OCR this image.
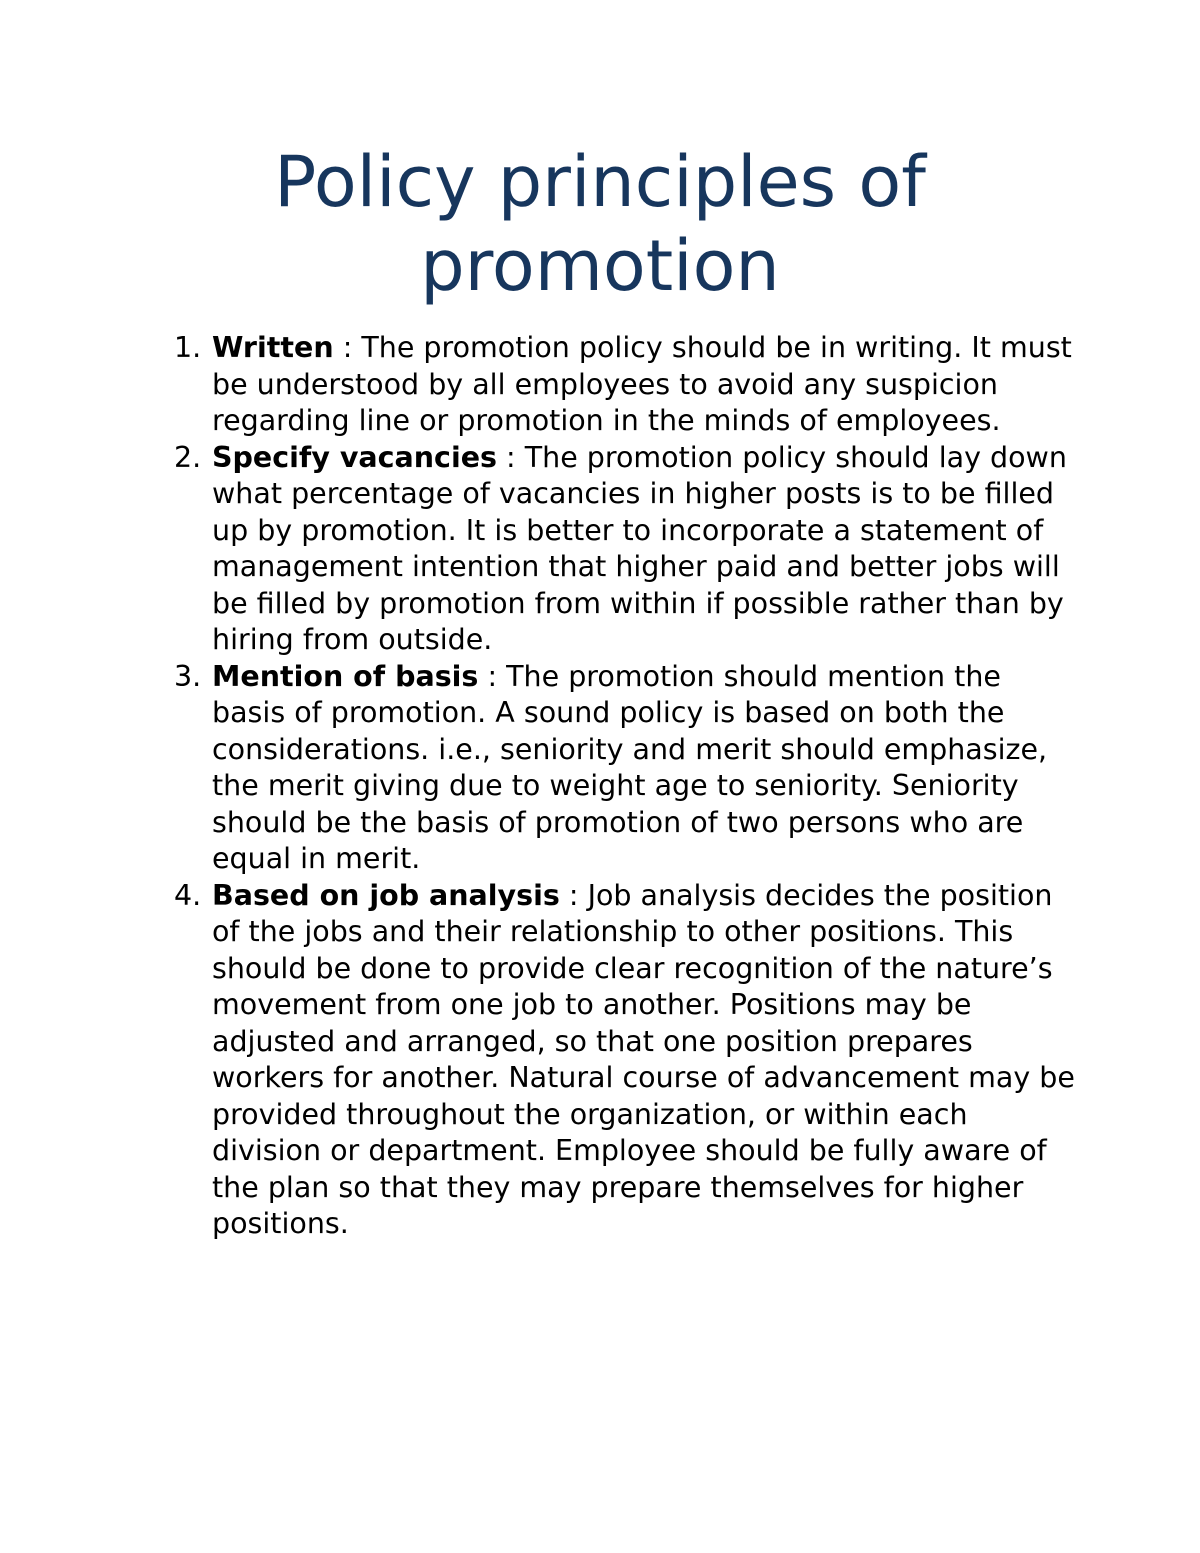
Policy principles of
promotion
1. Written : The promotion policy should be in writing. It must be understood by all employees to avoid any suspicion regarding line or promotion in the minds of employees.
2. Specify vacancies : The promotion policy should lay down what percentage of vacancies in higher posts is to be filled up by promotion. It is better to incorporate a statement of management intention that higher paid and better jobs will be filled by promotion from within if possible rather than by hiring from outside.
3. Mention of basis : The promotion should mention the basis of promotion. A sound policy is based on both the considerations. i.e., seniority and merit should emphasize, the merit giving due to weight age to seniority. Seniority should be the basis of promotion of two persons who are equal in merit.
4. Based on job analysis : Job analysis decides the position of the jobs and their relationship to other positions. This should be done to provide clear recognition of the nature’s movement from one job to another. Positions may be adjusted and arranged, so that one position prepares workers for another. Natural course of advancement may be provided throughout the organization, or within each division or department. Employee should be fully aware of the plan so that they may prepare themselves for higher positions.
